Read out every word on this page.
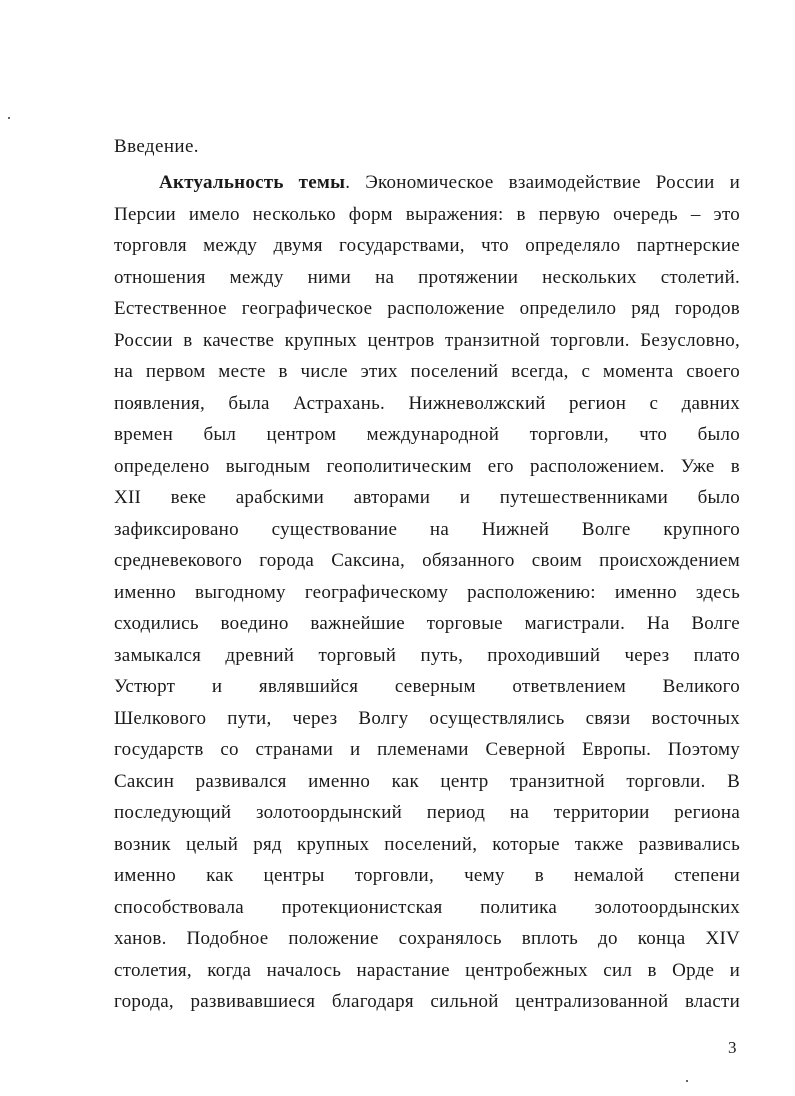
Введение.

Актуальность темы. Экономическое взаимодействие России и
Персии имело несколько форм выражения: в первую очередь – это
торговля между двумя государствами, что определяло партнерские
отношения между ними на протяжении нескольких столетий.
Естественное географическое расположение определило ряд городов
России в качестве крупных центров транзитной торговли. Безусловно,
на первом месте в числе этих поселений всегда, с момента своего
появления, была Астрахань. Нижневолжский регион с давних
времен был центром международной торговли, что было
определено выгодным геополитическим его расположением. Уже в
XII веке арабскими авторами и путешественниками было
зафиксировано существование на Нижней Волге крупного
средневекового города Саксина, обязанного своим происхождением
именно выгодному географическому расположению: именно здесь
сходились воедино важнейшие торговые магистрали. На Волге
замыкался древний торговый путь, проходивший через плато
Устюрт и являвшийся северным ответвлением Великого
Шелкового пути, через Волгу осуществлялись связи восточных
государств со странами и племенами Северной Европы. Поэтому
Саксин развивался именно как центр транзитной торговли. В
последующий золотоордынский период на территории региона
возник целый ряд крупных поселений, которые также развивались
именно как центры торговли, чему в немалой степени
способствовала протекционистская политика золотоордынских
ханов. Подобное положение сохранялось вплоть до конца XIV
столетия, когда началось нарастание центробежных сил в Орде и
города, развивавшиеся благодаря сильной централизованной власти
3
